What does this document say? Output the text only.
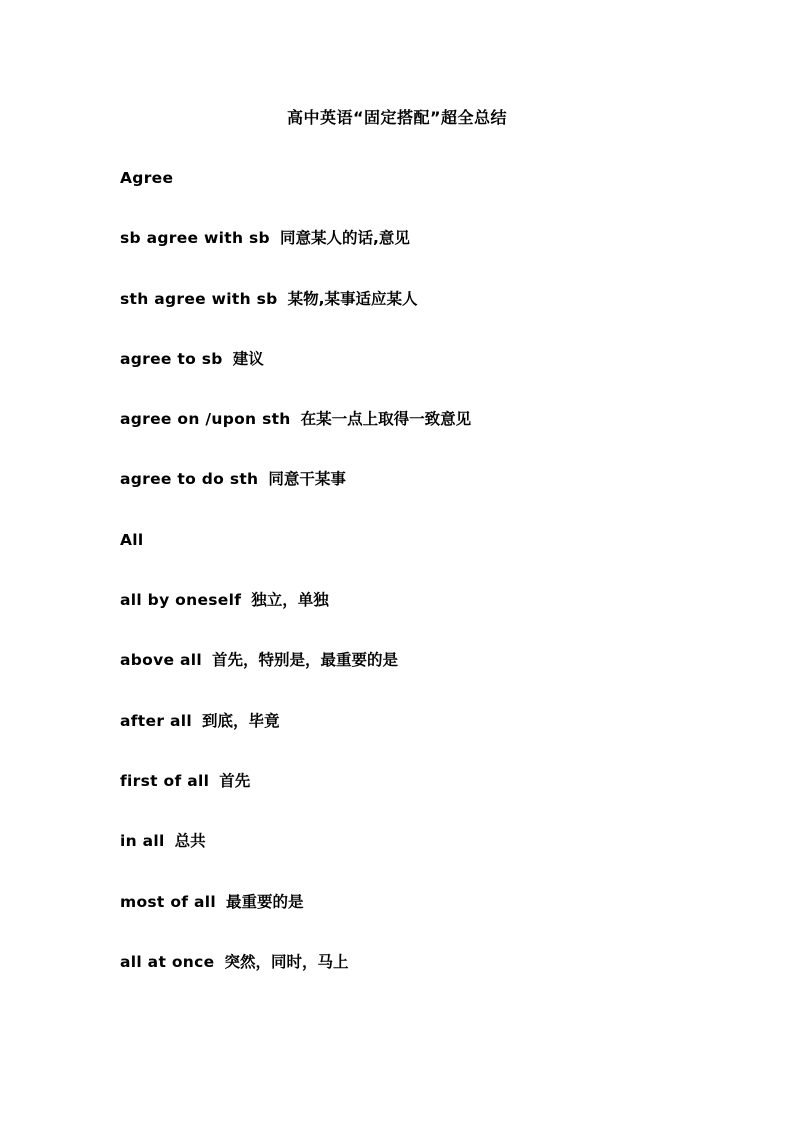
高中英语“固定搭配”超全总结
Agree
sb agree with sb 同意某人的话,意见
sth agree with sb 某物,某事适应某人
agree to sb 建议
agree on /upon sth 在某一点上取得一致意见
agree to do sth 同意干某事
All
all by oneself 独立，单独
above all 首先，特别是，最重要的是
after all 到底，毕竟
first of all 首先
in all 总共
most of all 最重要的是
all at once 突然，同时，马上
